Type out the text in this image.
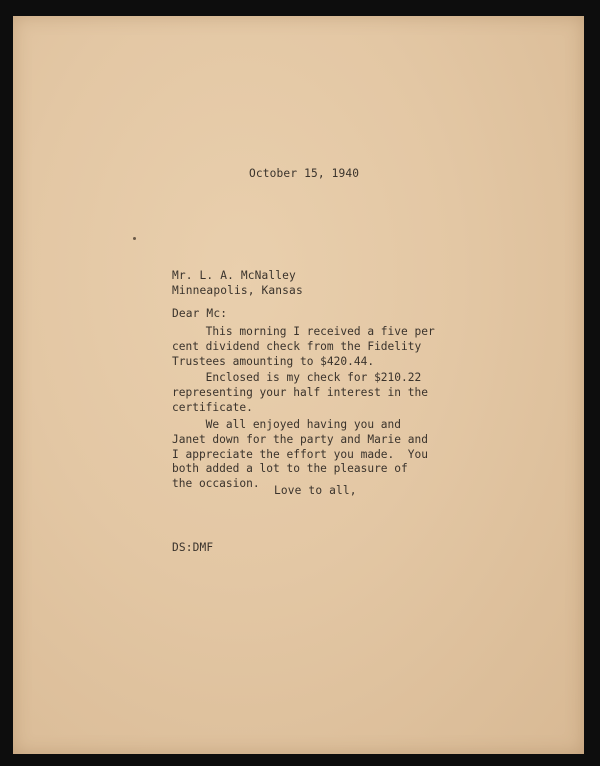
October 15, 1940
Mr. L. A. McNalley
Minneapolis, Kansas
Dear Mc:
This morning I received a five per
cent dividend check from the Fidelity
Trustees amounting to $420.44.
Enclosed is my check for $210.22
representing your half interest in the
certificate.
We all enjoyed having you and
Janet down for the party and Marie and
I appreciate the effort you made.  You
both added a lot to the pleasure of
the occasion.
Love to all,
DS:DMF
